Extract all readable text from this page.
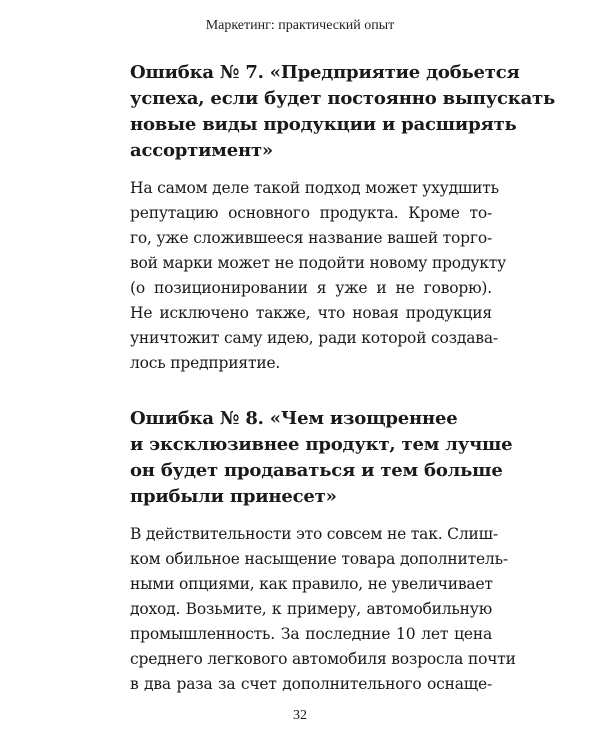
Маркетинг: практический опыт
Ошибка № 7. «Предприятие добьется
успеха, если будет постоянно выпускать
новые виды продукции и расширять
ассортимент»

На самом деле такой подход может ухудшить
репутацию основного продукта. Кроме то-
го, уже сложившееся название вашей торго-
вой марки может не подойти новому продукту
(о позиционировании я уже и не говорю).
Не исключено также, что новая продукция
уничтожит саму идею, ради которой создава-
лось предприятие.

Ошибка № 8. «Чем изощреннее
и эксклюзивнее продукт, тем лучше
он будет продаваться и тем больше
прибыли принесет»

В действительности это совсем не так. Слиш-
ком обильное насыщение товара дополнитель-
ными опциями, как правило, не увеличивает
доход. Возьмите, к примеру, автомобильную
промышленность. За последние 10 лет цена
среднего легкового автомобиля возросла почти
в два раза за счет дополнительного оснаще-

32
